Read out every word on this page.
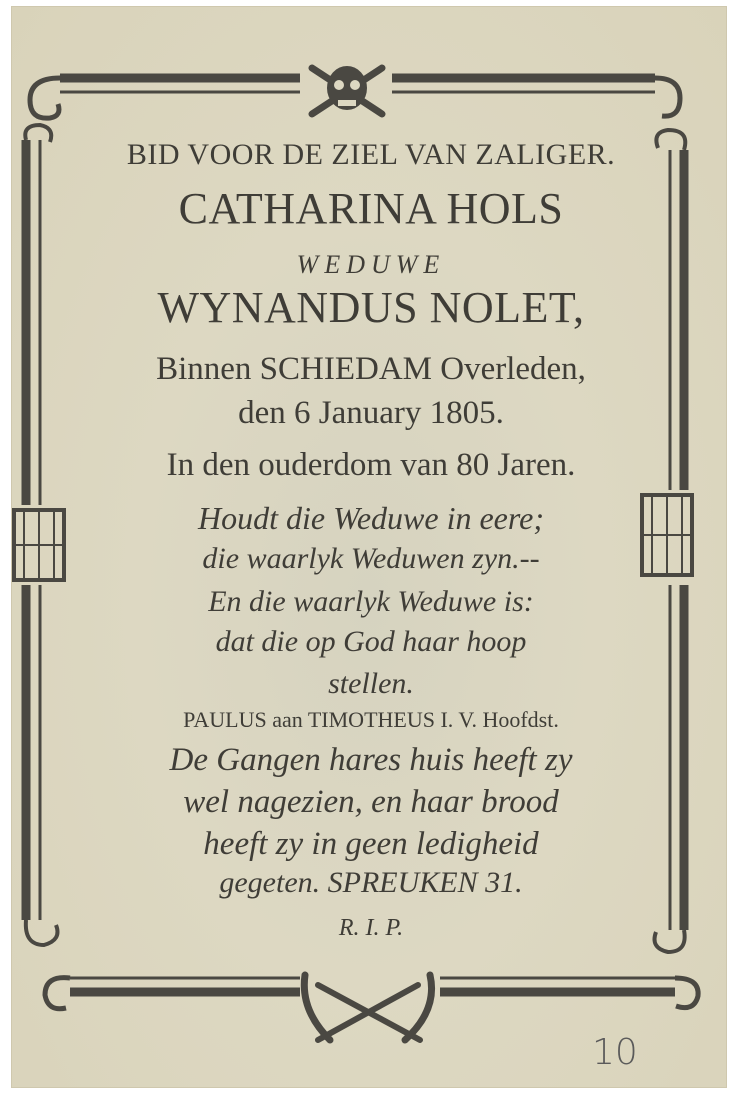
BID VOOR DE ZIEL VAN ZALIGER.
CATHARINA HOLS
WEDUWE
WYNANDUS NOLET,
Binnen SCHIEDAM Overleden,
den 6 January 1805.
In den ouderdom van 80 Jaren.
Houdt die Weduwe in eere;
die waarlyk Weduwen zyn.--
En die waarlyk Weduwe is:
dat die op God haar hoop
stellen.
PAULUS aan TIMOTHEUS I. V. Hoofdst.
De Gangen hares huis heeft zy
wel nagezien, en haar brood
heeft zy in geen ledigheid
gegeten. SPREUKEN 31.
R. I. P.
10
